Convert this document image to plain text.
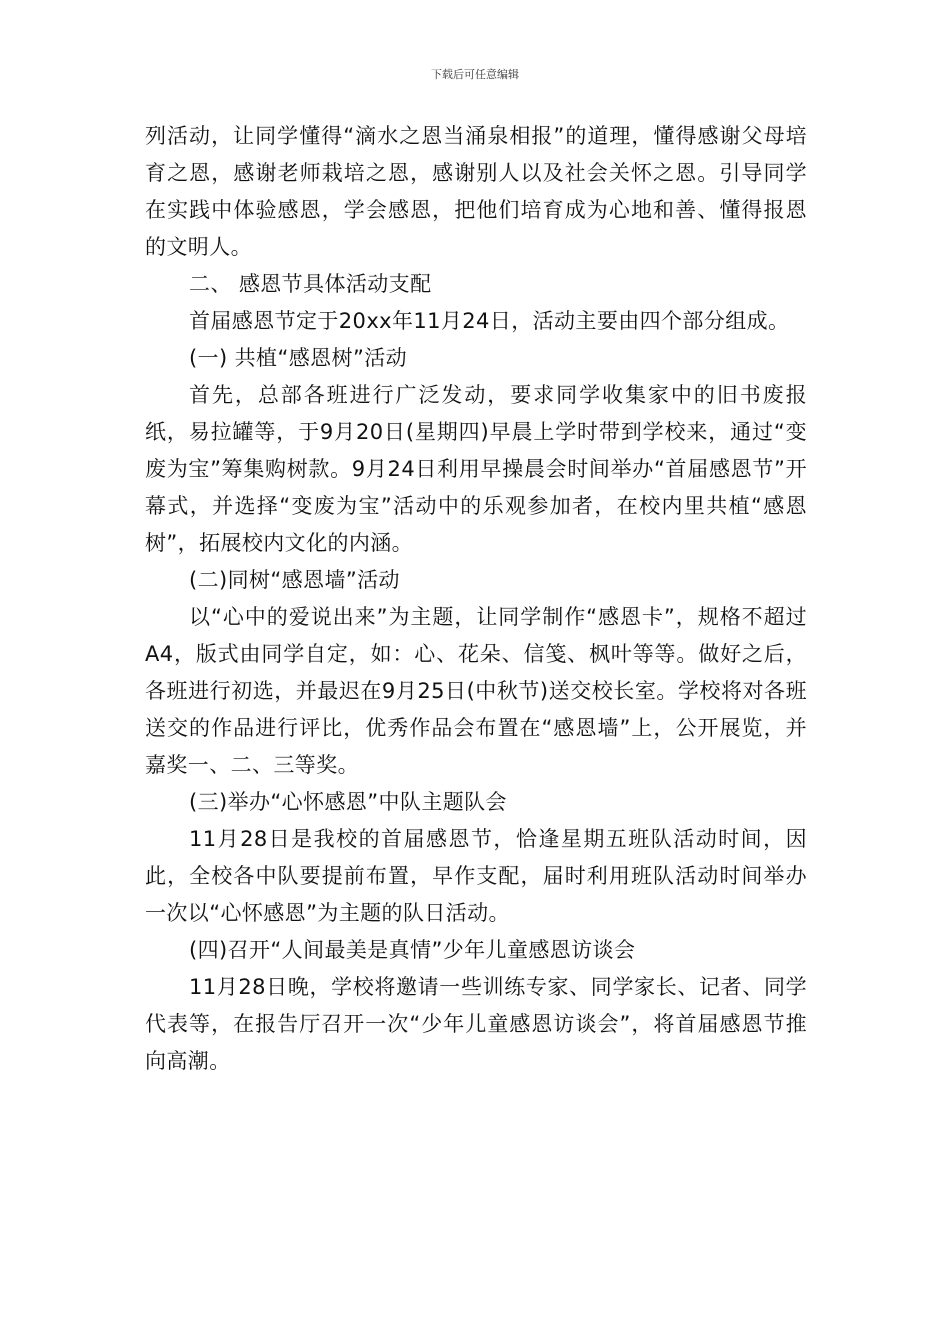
下载后可任意编辑

列活动，让同学懂得“滴水之恩当涌泉相报”的道理，懂得感谢父母培育之恩，感谢老师栽培之恩，感谢别人以及社会关怀之恩。引导同学在实践中体验感恩，学会感恩，把他们培育成为心地和善、懂得报恩的文明人。

二、 感恩节具体活动支配

首届感恩节定于20xx年11月24日，活动主要由四个部分组成。

(一) 共植“感恩树”活动

首先，总部各班进行广泛发动，要求同学收集家中的旧书废报纸，易拉罐等，于9月20日(星期四)早晨上学时带到学校来，通过“变废为宝”筹集购树款。9月24日利用早操晨会时间举办“首届感恩节”开幕式，并选择“变废为宝”活动中的乐观参加者，在校内里共植“感恩树”，拓展校内文化的内涵。

(二)同树“感恩墙”活动

以“心中的爱说出来”为主题，让同学制作“感恩卡”，规格不超过A4，版式由同学自定，如：心、花朵、信笺、枫叶等等。做好之后，各班进行初选，并最迟在9月25日(中秋节)送交校长室。学校将对各班送交的作品进行评比，优秀作品会布置在“感恩墙”上，公开展览，并嘉奖一、二、三等奖。

(三)举办“心怀感恩”中队主题队会

11月28日是我校的首届感恩节，恰逢星期五班队活动时间，因此，全校各中队要提前布置，早作支配，届时利用班队活动时间举办一次以“心怀感恩”为主题的队日活动。

(四)召开“人间最美是真情”少年儿童感恩访谈会

11月28日晚，学校将邀请一些训练专家、同学家长、记者、同学代表等，在报告厅召开一次“少年儿童感恩访谈会”，将首届感恩节推向高潮。
